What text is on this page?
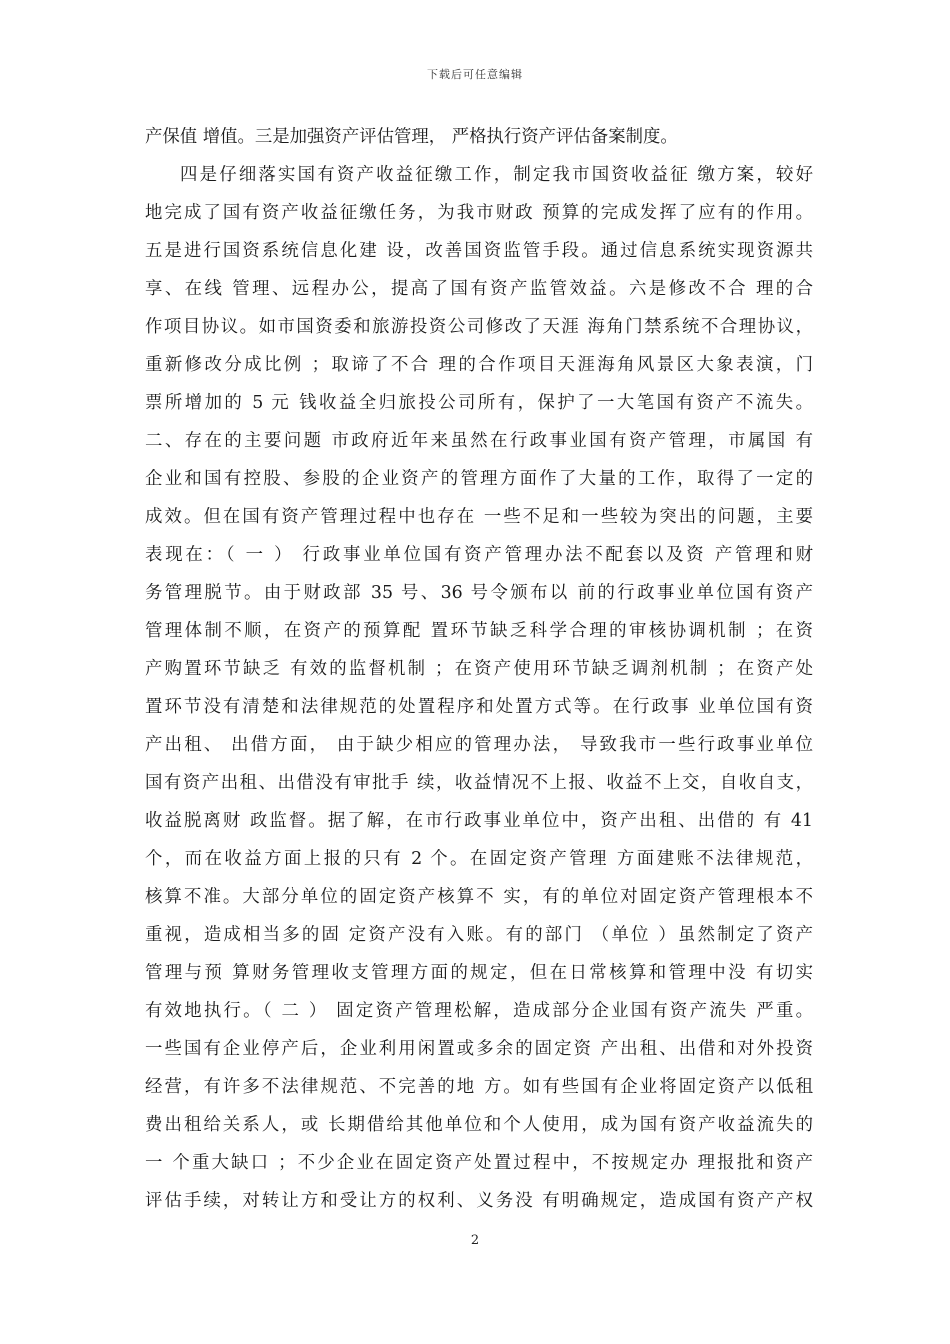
下载后可任意编辑
产保值 增值。三是加强资产评估管理， 严格执行资产评估备案制度。
四是仔细落实国有资产收益征缴工作，制定我市国资收益征 缴方案，较好
地完成了国有资产收益征缴任务，为我市财政 预算的完成发挥了应有的作用。
五是进行国资系统信息化建 设，改善国资监管手段。通过信息系统实现资源共
享、在线 管理、远程办公，提高了国有资产监管效益。六是修改不合 理的合
作项目协议。如市国资委和旅游投资公司修改了天涯 海角门禁系统不合理协议，
重新修改分成比例 ；取谛了不合 理的合作项目天涯海角风景区大象表演，门
票所增加的 5 元 钱收益全归旅投公司所有，保护了一大笔国有资产不流失。
二、存在的主要问题 市政府近年来虽然在行政事业国有资产管理，市属国 有
企业和国有控股、参股的企业资产的管理方面作了大量的工作，取得了一定的
成效。但在国有资产管理过程中也存在 一些不足和一些较为突出的问题，主要
表现在：（ 一 ） 行政事业单位国有资产管理办法不配套以及资 产管理和财
务管理脱节。由于财政部 35 号、36 号令颁布以 前的行政事业单位国有资产
管理体制不顺，在资产的预算配 置环节缺乏科学合理的审核协调机制 ；在资
产购置环节缺乏 有效的监督机制 ；在资产使用环节缺乏调剂机制 ；在资产处
置环节没有清楚和法律规范的处置程序和处置方式等。在行政事 业单位国有资
产出租、 出借方面， 由于缺少相应的管理办法， 导致我市一些行政事业单位
国有资产出租、出借没有审批手 续，收益情况不上报、收益不上交，自收自支，
收益脱离财 政监督。据了解，在市行政事业单位中，资产出租、出借的 有 41
个，而在收益方面上报的只有 2 个。在固定资产管理 方面建账不法律规范，
核算不准。大部分单位的固定资产核算不 实，有的单位对固定资产管理根本不
重视，造成相当多的固 定资产没有入账。有的部门 （单位 ）虽然制定了资产
管理与预 算财务管理收支管理方面的规定，但在日常核算和管理中没 有切实
有效地执行。（ 二 ） 固定资产管理松解，造成部分企业国有资产流失 严重。
一些国有企业停产后，企业利用闲置或多余的固定资 产出租、出借和对外投资
经营，有许多不法律规范、不完善的地 方。如有些国有企业将固定资产以低租
费出租给关系人，或 长期借给其他单位和个人使用，成为国有资产收益流失的
一 个重大缺口 ；不少企业在固定资产处置过程中，不按规定办 理报批和资产
评估手续，对转让方和受让方的权利、义务没 有明确规定，造成国有资产产权
2
